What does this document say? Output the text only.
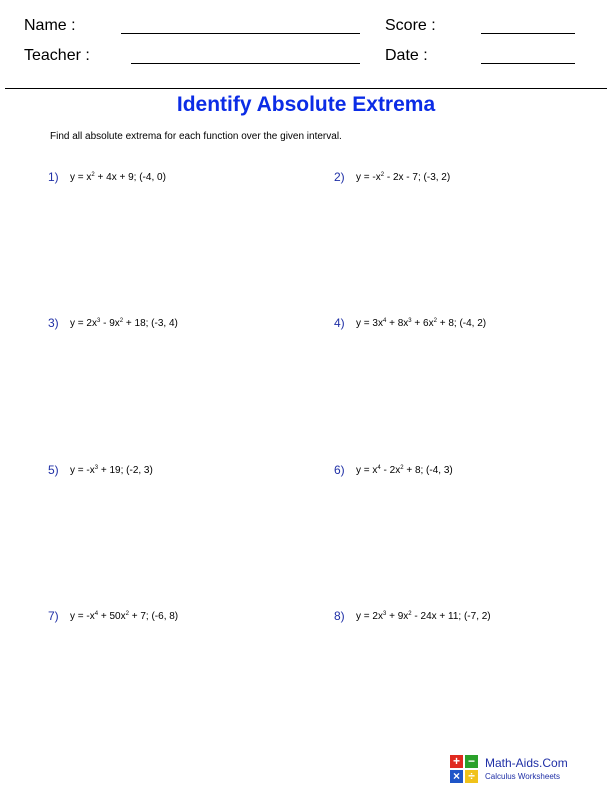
Name :	Score :
Teacher :	Date :
Identify Absolute Extrema
Find all absolute extrema for each function over the given interval.
1) $y = x^2 + 4x + 9$; (-4, 0)	2) $y = -x^2 - 2x - 7$; (-3, 2)
3) $y = 2x^3 - 9x^2 + 18$; (-3, 4)	4) $y = 3x^4 + 8x^3 + 6x^2 + 8$; (-4, 2)
5) $y = -x^3 + 19$; (-2, 3)	6) $y = x^4 - 2x^2 + 8$; (-4, 3)
7) $y = -x^4 + 50x^2 + 7$; (-6, 8)	8) $y = 2x^3 + 9x^2 - 24x + 11$; (-7, 2)
+ −
× ÷
Math-Aids.Com
Calculus Worksheets
